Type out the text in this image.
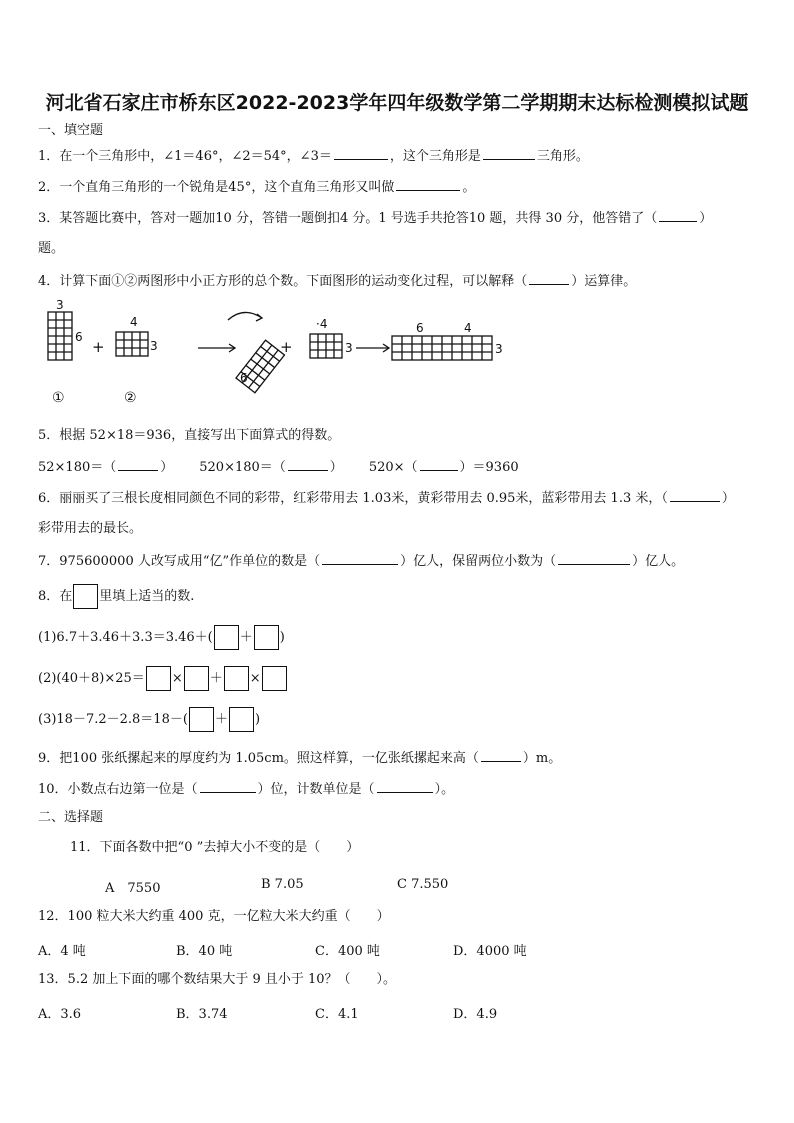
河北省石家庄市桥东区2022-2023学年四年级数学第二学期期末达标检测模拟试题
一、填空题
1．在一个三角形中，∠1＝46°，∠2＝54°，∠3＝	，这个三角形是	三角形。
2．一个直角三角形的一个锐角是45°，这个直角三角形又叫做	。
3．某答题比赛中，答对一题加10 分，答错一题倒扣4 分。1 号选手共抢答10 题，共得 30 分，他答错了（	）
题。
4．计算下面①②两图形中小正方形的总个数。下面图形的运动变化过程，可以解释（	）运算律。
3
6
+
4
3
6
+
·4
3
6	4
3
①	②
5．根据 52×18＝936，直接写出下面算式的得数。
52×180＝（	） 520×180＝（	） 520×（	）＝9360
6．丽丽买了三根长度相同颜色不同的彩带，红彩带用去 1.03米，黄彩带用去 0.95米，蓝彩带用去 1.3 米，（	）
彩带用去的最长。
7．975600000 人改写成用“亿”作单位的数是（	）亿人，保留两位小数为（	）亿人。
8．在 里填上适当的数.
(1)6.7＋3.46＋3.3＝3.46＋( ＋ )
(2)(40＋8)×25＝ × ＋ ×
(3)18－7.2－2.8＝18－( ＋ )
9．把100 张纸摞起来的厚度约为 1.05cm。照这样算，一亿张纸摞起来高（	）m。
10．小数点右边第一位是（	）位，计数单位是（	）。
二、选择题
11．下面各数中把“0 ”去掉大小不变的是（　　）
A　7550	B 7.05	C 7.550
12．100 粒大米大约重 400 克，一亿粒大米大约重（　　）
A．4 吨	B．40 吨	C．400 吨	D．4000 吨
13．5.2 加上下面的哪个数结果大于 9 且小于 10？（　　）。
A．3.6	B．3.74	C．4.1	D．4.9
